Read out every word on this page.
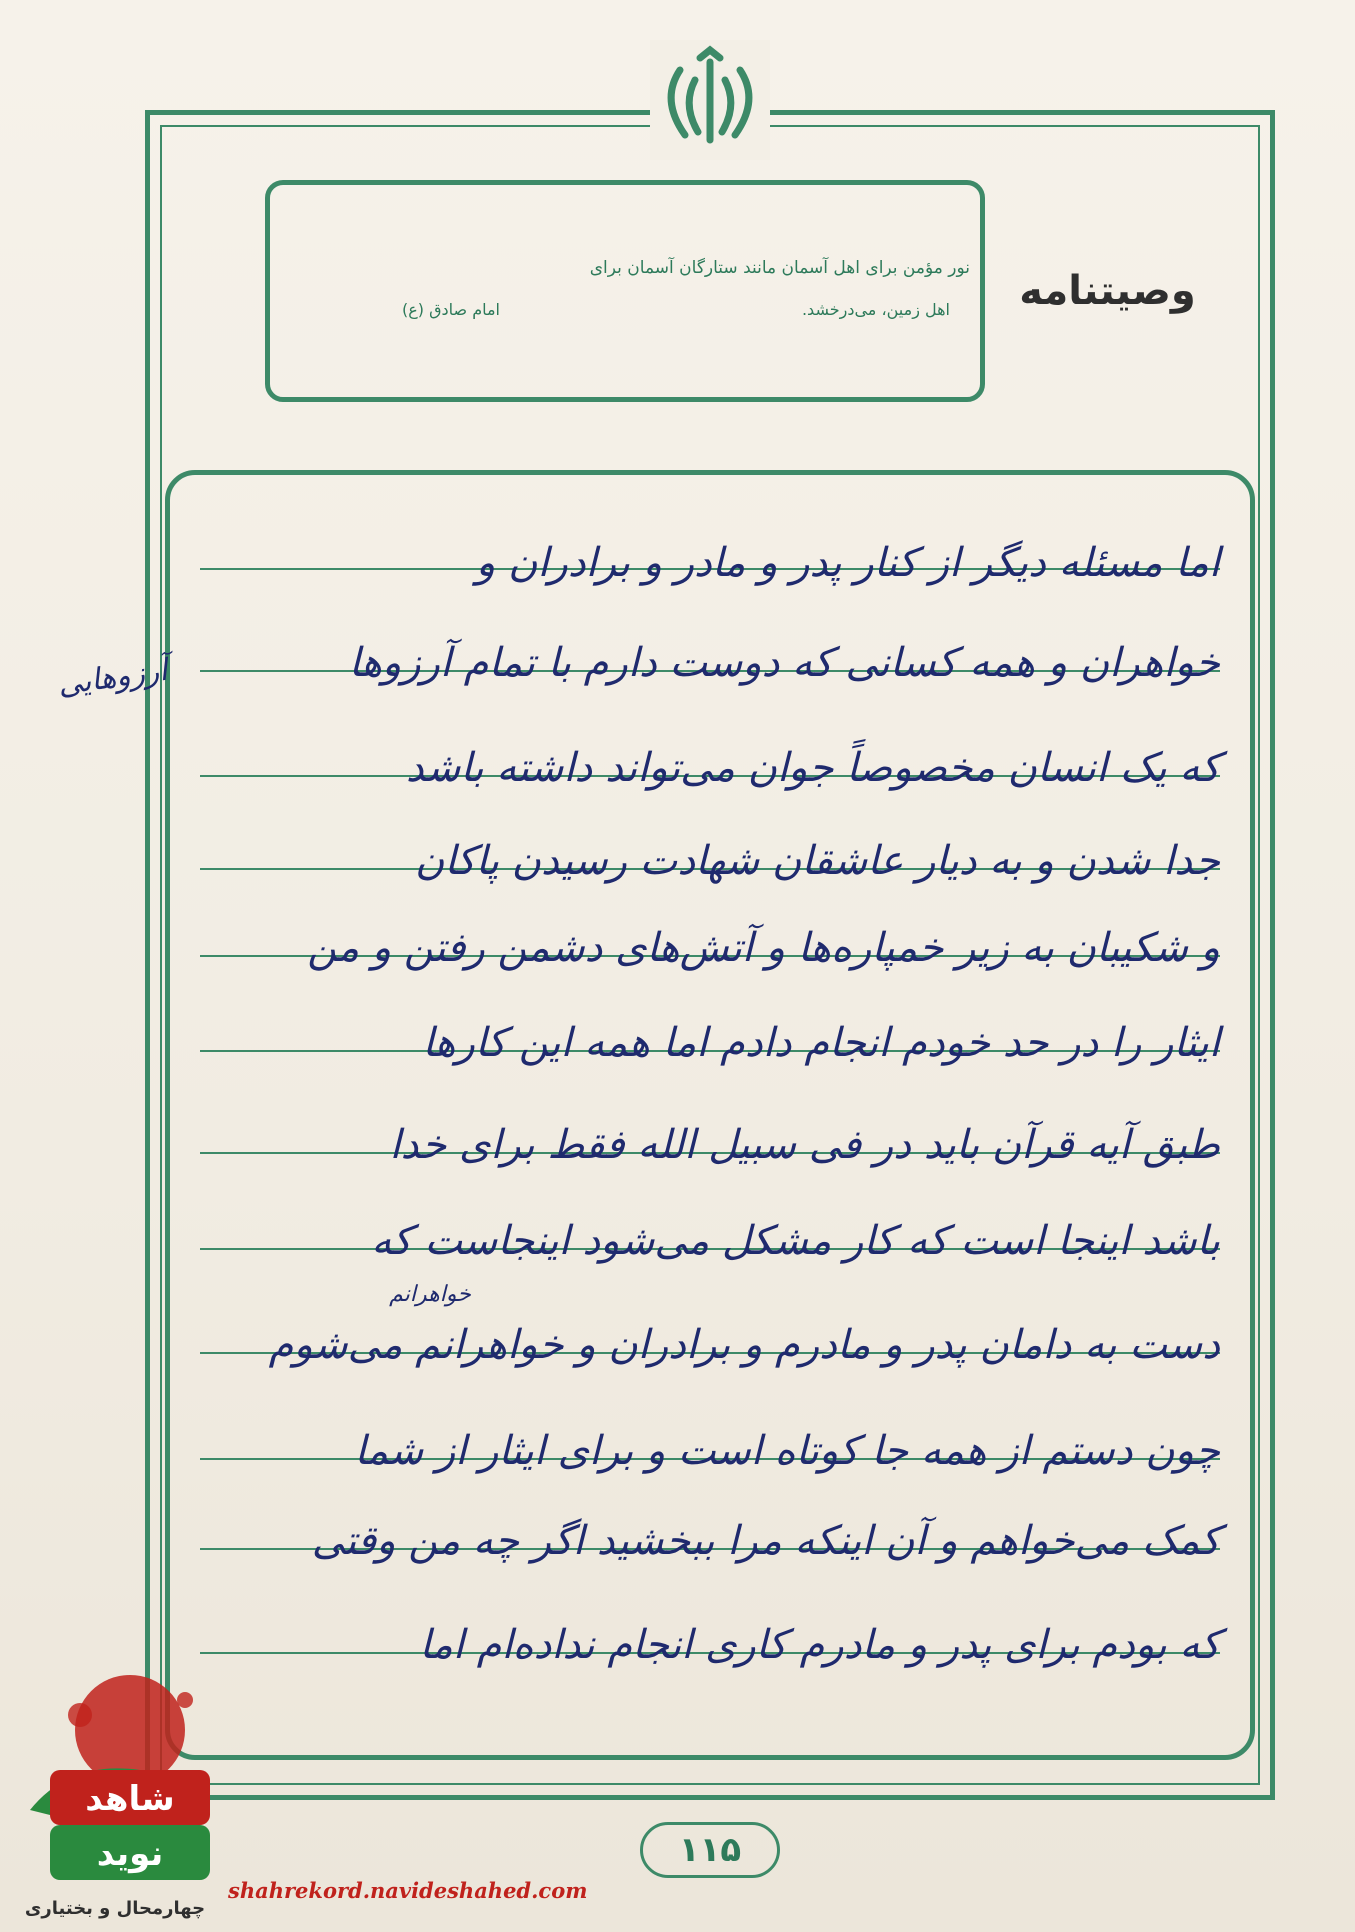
وصیتنامه
نور مؤمن برای اهل آسمان مانند ستارگان آسمان برای
اهل زمین، می‌درخشد.
امام صادق (ع)
اما مسئله دیگر از کنار پدر و مادر و برادران و
خواهران و همه کسانی که دوست دارم با تمام آرزوها
که یک انسان مخصوصاً جوان می‌تواند داشته باشد
جدا شدن و به دیار عاشقان شهادت رسیدن پاکان
و شکیبان به زیر خمپاره‌ها و آتش‌های دشمن رفتن و من
ایثار را در حد خودم انجام دادم اما همه این کارها
طبق آیه قرآن باید در فی سبیل الله فقط برای خدا
باشد اینجا است که کار مشکل می‌شود اینجاست که
دست به دامان پدر و مادرم و برادران و خواهرانم می‌شوم
چون دستم از همه جا کوتاه است و برای ایثار از شما
کمک می‌خواهم و آن اینکه مرا ببخشید اگر چه من وقتی
که بودم برای پدر و مادرم کاری انجام نداده‌ام اما
آرزوهایی
خواهرانم
۱۱۵
شاهد
نوید
چهارمحال و بختیاری
shahrekord.navideshahed.com
